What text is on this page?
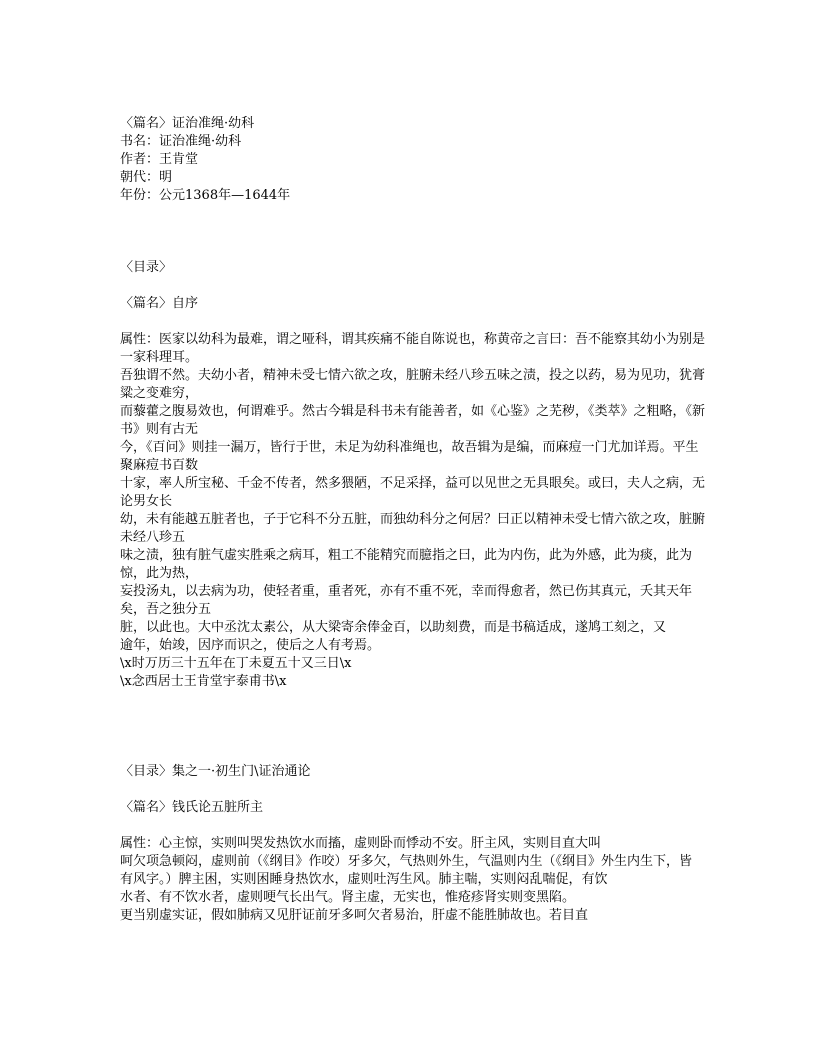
〈篇名〉证治准绳·幼科

书名：证治准绳·幼科

作者：王肯堂

朝代：明

年份：公元1368年—1644年

〈目录〉

〈篇名〉自序

属性：医家以幼科为最难，谓之哑科，谓其疾痛不能自陈说也，称黄帝之言曰：吾不能察其幼小为别是一家科理耳。

吾独谓不然。夫幼小者，精神未受七情六欲之攻，脏腑未经八珍五味之渍，投之以药，易为见功，犹膏粱之变难穷，

而藜藿之腹易效也，何谓难乎。然古今辑是科书未有能善者，如《心鉴》之芜秽，《类萃》之粗略，《新书》则有古无

今，《百问》则挂一漏万，皆行于世，未足为幼科准绳也，故吾辑为是编，而麻痘一门尤加详焉。平生聚麻痘书百数

十家，率人所宝秘、千金不传者，然多猥陋，不足采择，益可以见世之无具眼矣。或曰，夫人之病，无论男女长

幼，未有能越五脏者也，子于它科不分五脏，而独幼科分之何居？曰正以精神未受七情六欲之攻，脏腑未经八珍五

味之渍，独有脏气虚实胜乘之病耳，粗工不能精究而臆指之曰，此为内伤，此为外感，此为痰，此为惊，此为热，

妄投汤丸，以去病为功，使轻者重，重者死，亦有不重不死，幸而得愈者，然已伤其真元，夭其天年矣，吾之独分五

脏，以此也。大中丞沈太素公，从大梁寄余俸金百，以助刻费，而是书稿适成，遂鸠工刻之，又

逾年，始竣，因序而识之，使后之人有考焉。

\x时万历三十五年在丁未夏五十又三日\x

\x念西居士王肯堂宇泰甫书\x

〈目录〉集之一·初生门\证治通论

〈篇名〉钱氏论五脏所主

属性：心主惊，实则叫哭发热饮水而搐，虚则卧而悸动不安。肝主风，实则目直大叫

呵欠项急顿闷，虚则前（《纲目》作咬）牙多欠，气热则外生，气温则内生（《纲目》外生内生下，皆

有风字。）脾主困，实则困睡身热饮水，虚则吐泻生风。肺主喘，实则闷乱喘促，有饮

水者、有不饮水者，虚则哽气长出气。肾主虚，无实也，惟疮疹肾实则变黑陷。

更当别虚实证，假如肺病又见肝证前牙多呵欠者易治，肝虚不能胜肺故也。若目直
